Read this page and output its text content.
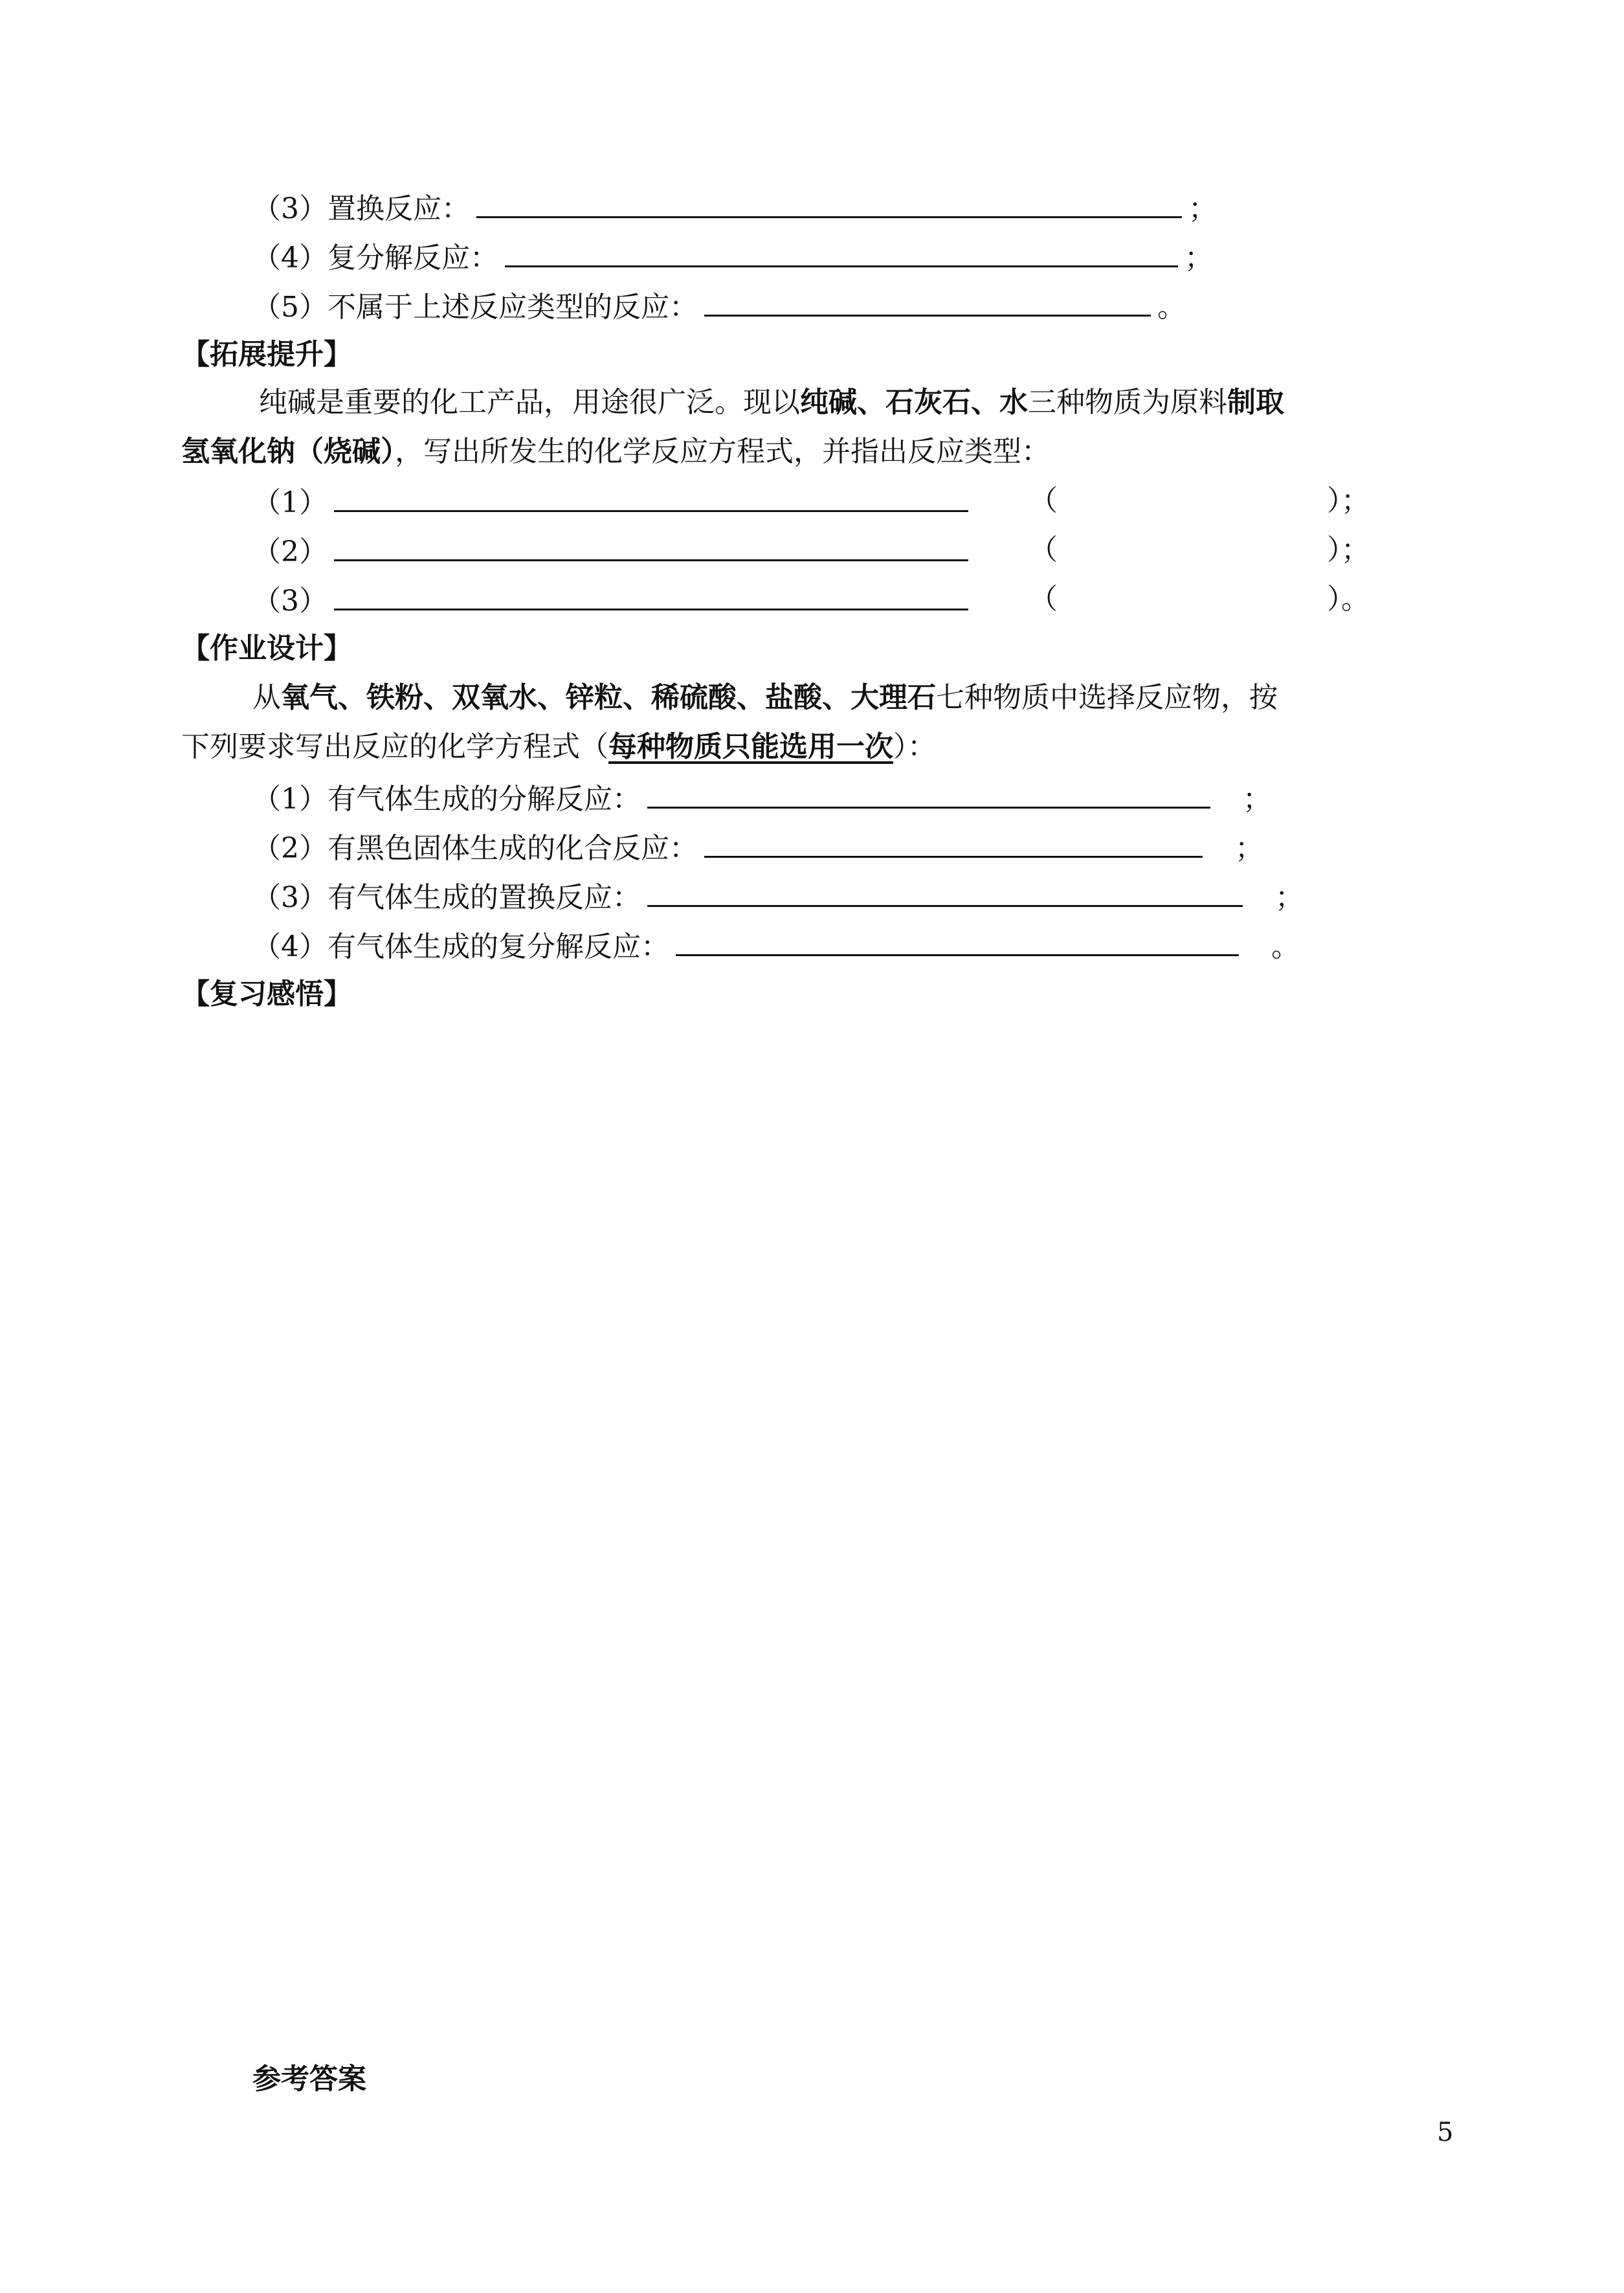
（3）置换反应：	；
（4）复分解反应：	；
（5）不属于上述反应类型的反应：	。
【拓展提升】
纯碱是重要的化工产品，用途很广泛。现以纯碱、石灰石、水三种物质为原料制取
氢氧化钠（烧碱），写出所发生的化学反应方程式，并指出反应类型：
（1）	（	）；
（2）	（	）；
（3）	（	）。
【作业设计】
从氧气、铁粉、双氧水、锌粒、稀硫酸、盐酸、大理石七种物质中选择反应物，按
下列要求写出反应的化学方程式（每种物质只能选用一次）：
（1）有气体生成的分解反应：	；
（2）有黑色固体生成的化合反应：	；
（3）有气体生成的置换反应：	；
（4）有气体生成的复分解反应：	。
【复习感悟】
参考答案
5
